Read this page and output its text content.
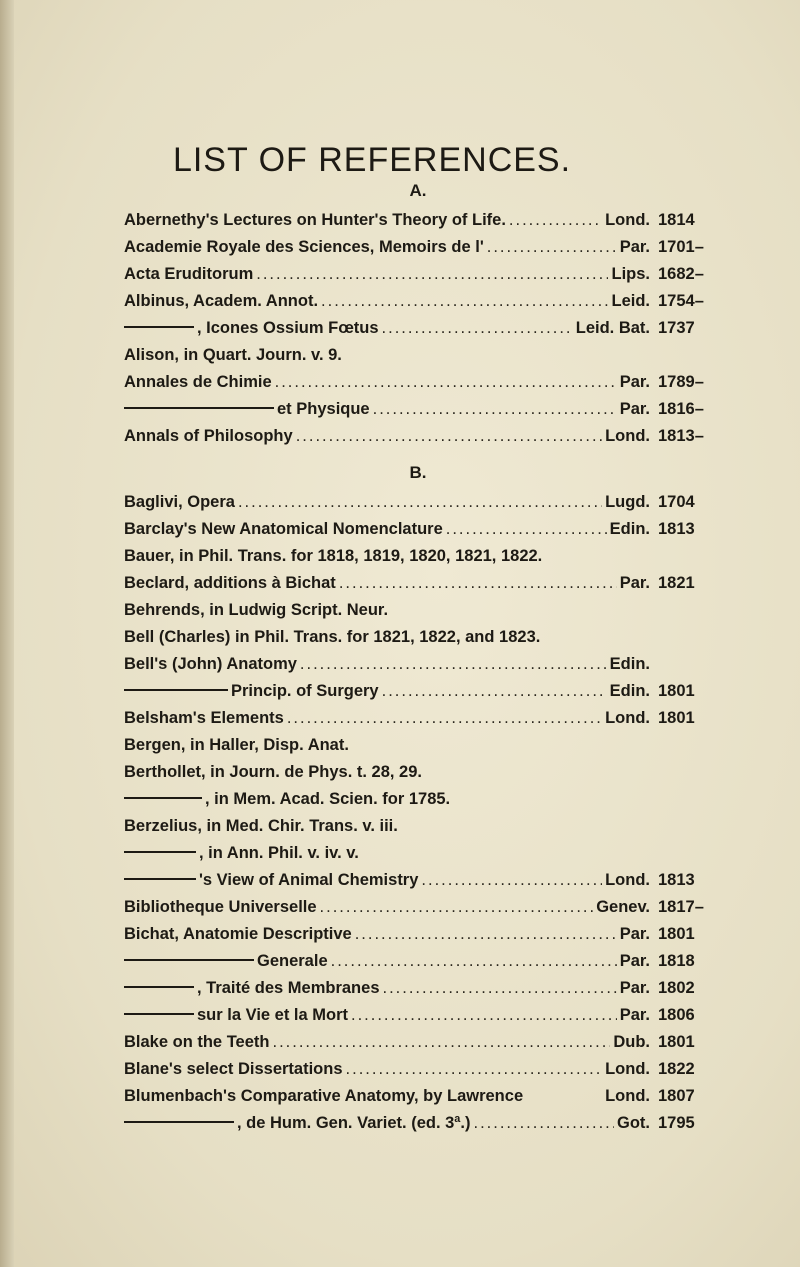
LIST OF REFERENCES.
A.
Abernethy's Lectures on Hunter's Theory of Life. .....	Lond. 1814
Academie Royale des Sciences, Memoirs de l' .....	Par. 1701–
Acta Eruditorum .....	Lips. 1682–
Albinus, Academ. Annot. .....	Leid. 1754–
, Icones Ossium Fœtus .....	Leid. Bat. 1737
Alison, in Quart. Journ. v. 9.
Annales de Chimie .....	Par. 1789–
et Physique .....	Par. 1816–
Annals of Philosophy .....	Lond. 1813–
B.
Baglivi, Opera .....	Lugd. 1704
Barclay's New Anatomical Nomenclature .....	Edin. 1813
Bauer, in Phil. Trans. for 1818, 1819, 1820, 1821, 1822.
Beclard, additions à Bichat .....	Par. 1821
Behrends, in Ludwig Script. Neur.
Bell (Charles) in Phil. Trans. for 1821, 1822, and 1823.
Bell's (John) Anatomy .....	Edin.
Princip. of Surgery .....	Edin. 1801
Belsham's Elements .....	Lond. 1801
Bergen, in Haller, Disp. Anat.
Berthollet, in Journ. de Phys. t. 28, 29.
, in Mem. Acad. Scien. for 1785.
Berzelius, in Med. Chir. Trans. v. iii.
, in Ann. Phil. v. iv. v.
's View of Animal Chemistry .....	Lond. 1813
Bibliotheque Universelle .....	Genev. 1817–
Bichat, Anatomie Descriptive .....	Par. 1801
Generale .....	Par. 1818
, Traité des Membranes .....	Par. 1802
sur la Vie et la Mort .....	Par. 1806
Blake on the Teeth .....	Dub. 1801
Blane's select Dissertations .....	Lond. 1822
Blumenbach's Comparative Anatomy, by Lawrence	Lond. 1807
, de Hum. Gen. Variet. (ed. 3ª.) .....	Got. 1795
